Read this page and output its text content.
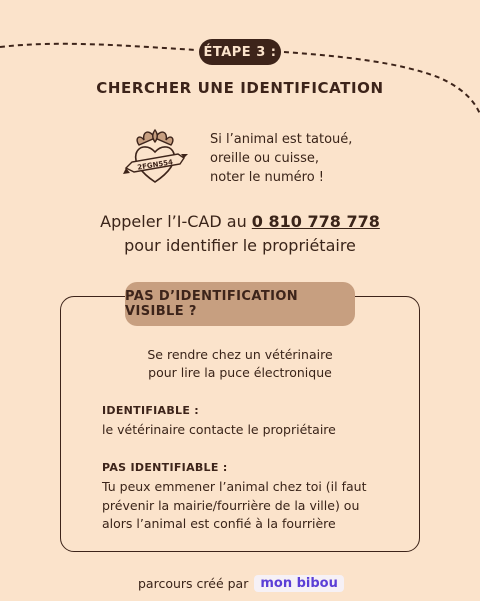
ÉTAPE 3 :
CHERCHER UNE IDENTIFICATION
2FGN554
Si l’animal est tatoué,
oreille ou cuisse,
noter le numéro !
Appeler l’I-CAD au 0 810 778 778
pour identifier le propriétaire
PAS D’IDENTIFICATION VISIBLE ?
Se rendre chez un vétérinaire
pour lire la puce électronique
IDENTIFIABLE :
le vétérinaire contacte le propriétaire
PAS IDENTIFIABLE :
Tu peux emmener l’animal chez toi (il faut
prévenir la mairie/fourrière de la ville) ou
alors l’animal est confié à la fourrière
parcours créé par mon bibou
